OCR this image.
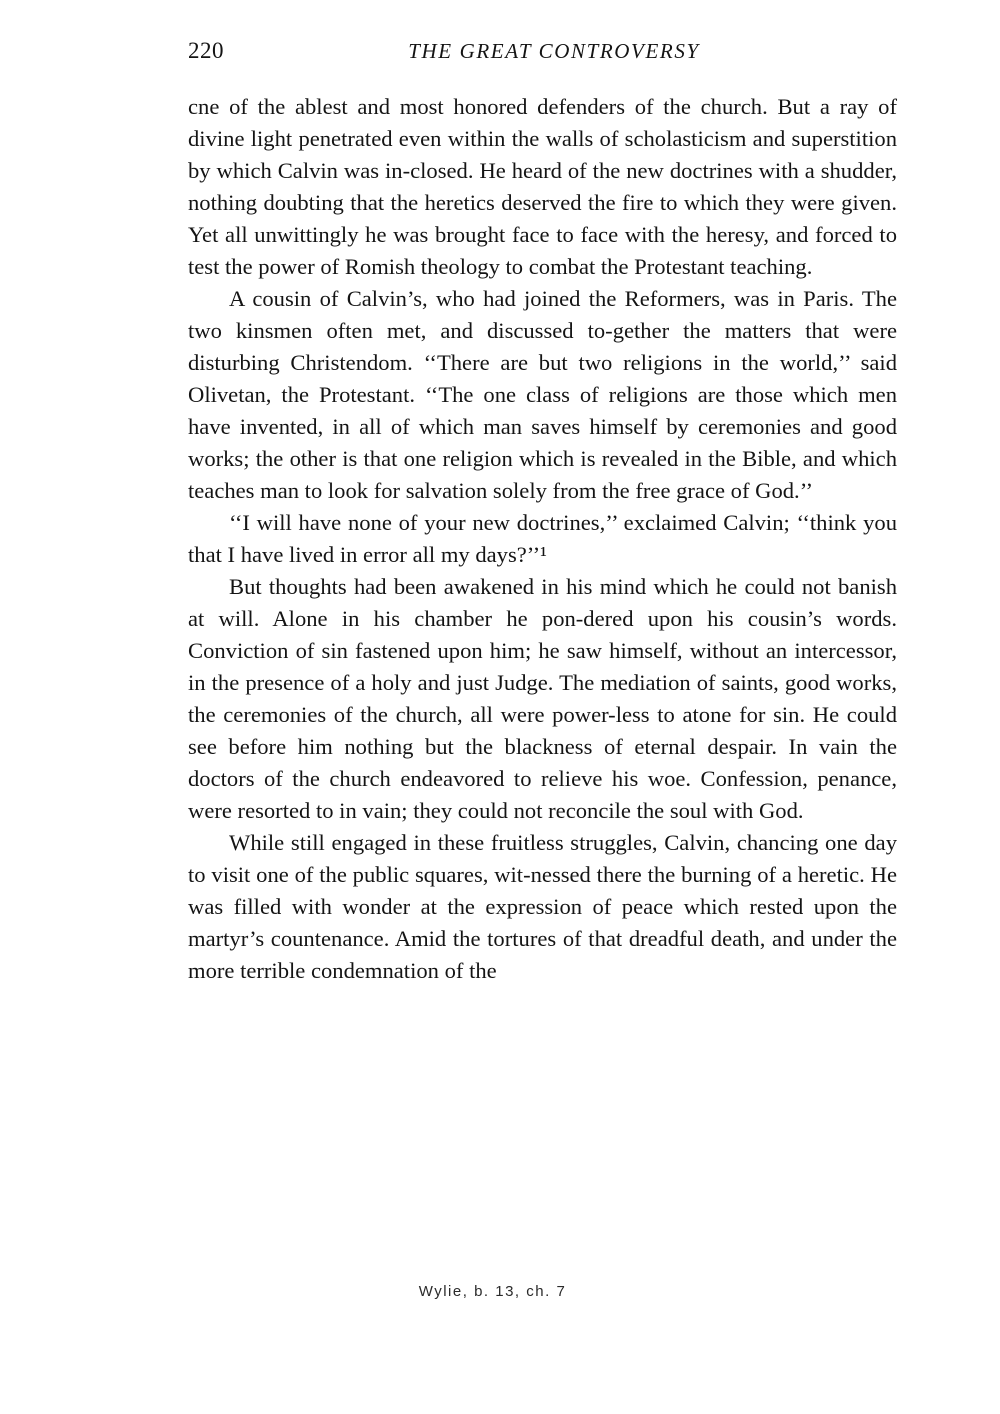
220	THE GREAT CONTROVERSY

cne of the ablest and most honored defenders of the church. But a ray of divine light penetrated even within the walls of scholasticism and superstition by which Calvin was in-closed. He heard of the new doctrines with a shudder, nothing doubting that the heretics deserved the fire to which they were given. Yet all unwittingly he was brought face to face with the heresy, and forced to test the power of Romish theology to combat the Protestant teaching.

A cousin of Calvin’s, who had joined the Reformers, was in Paris. The two kinsmen often met, and discussed to-gether the matters that were disturbing Christendom. ‘‘There are but two religions in the world,’’ said Olivetan, the Protestant. ‘‘The one class of religions are those which men have invented, in all of which man saves himself by ceremonies and good works; the other is that one religion which is revealed in the Bible, and which teaches man to look for salvation solely from the free grace of God.’’

‘‘I will have none of your new doctrines,’’ exclaimed Calvin; ‘‘think you that I have lived in error all my days?’’¹

But thoughts had been awakened in his mind which he could not banish at will. Alone in his chamber he pon-dered upon his cousin’s words. Conviction of sin fastened upon him; he saw himself, without an intercessor, in the presence of a holy and just Judge. The mediation of saints, good works, the ceremonies of the church, all were power-less to atone for sin. He could see before him nothing but the blackness of eternal despair. In vain the doctors of the church endeavored to relieve his woe. Confession, penance, were resorted to in vain; they could not reconcile the soul with God.

While still engaged in these fruitless struggles, Calvin, chancing one day to visit one of the public squares, wit-nessed there the burning of a heretic. He was filled with wonder at the expression of peace which rested upon the martyr’s countenance. Amid the tortures of that dreadful death, and under the more terrible condemnation of the

Wylie, b. 13, ch. 7
